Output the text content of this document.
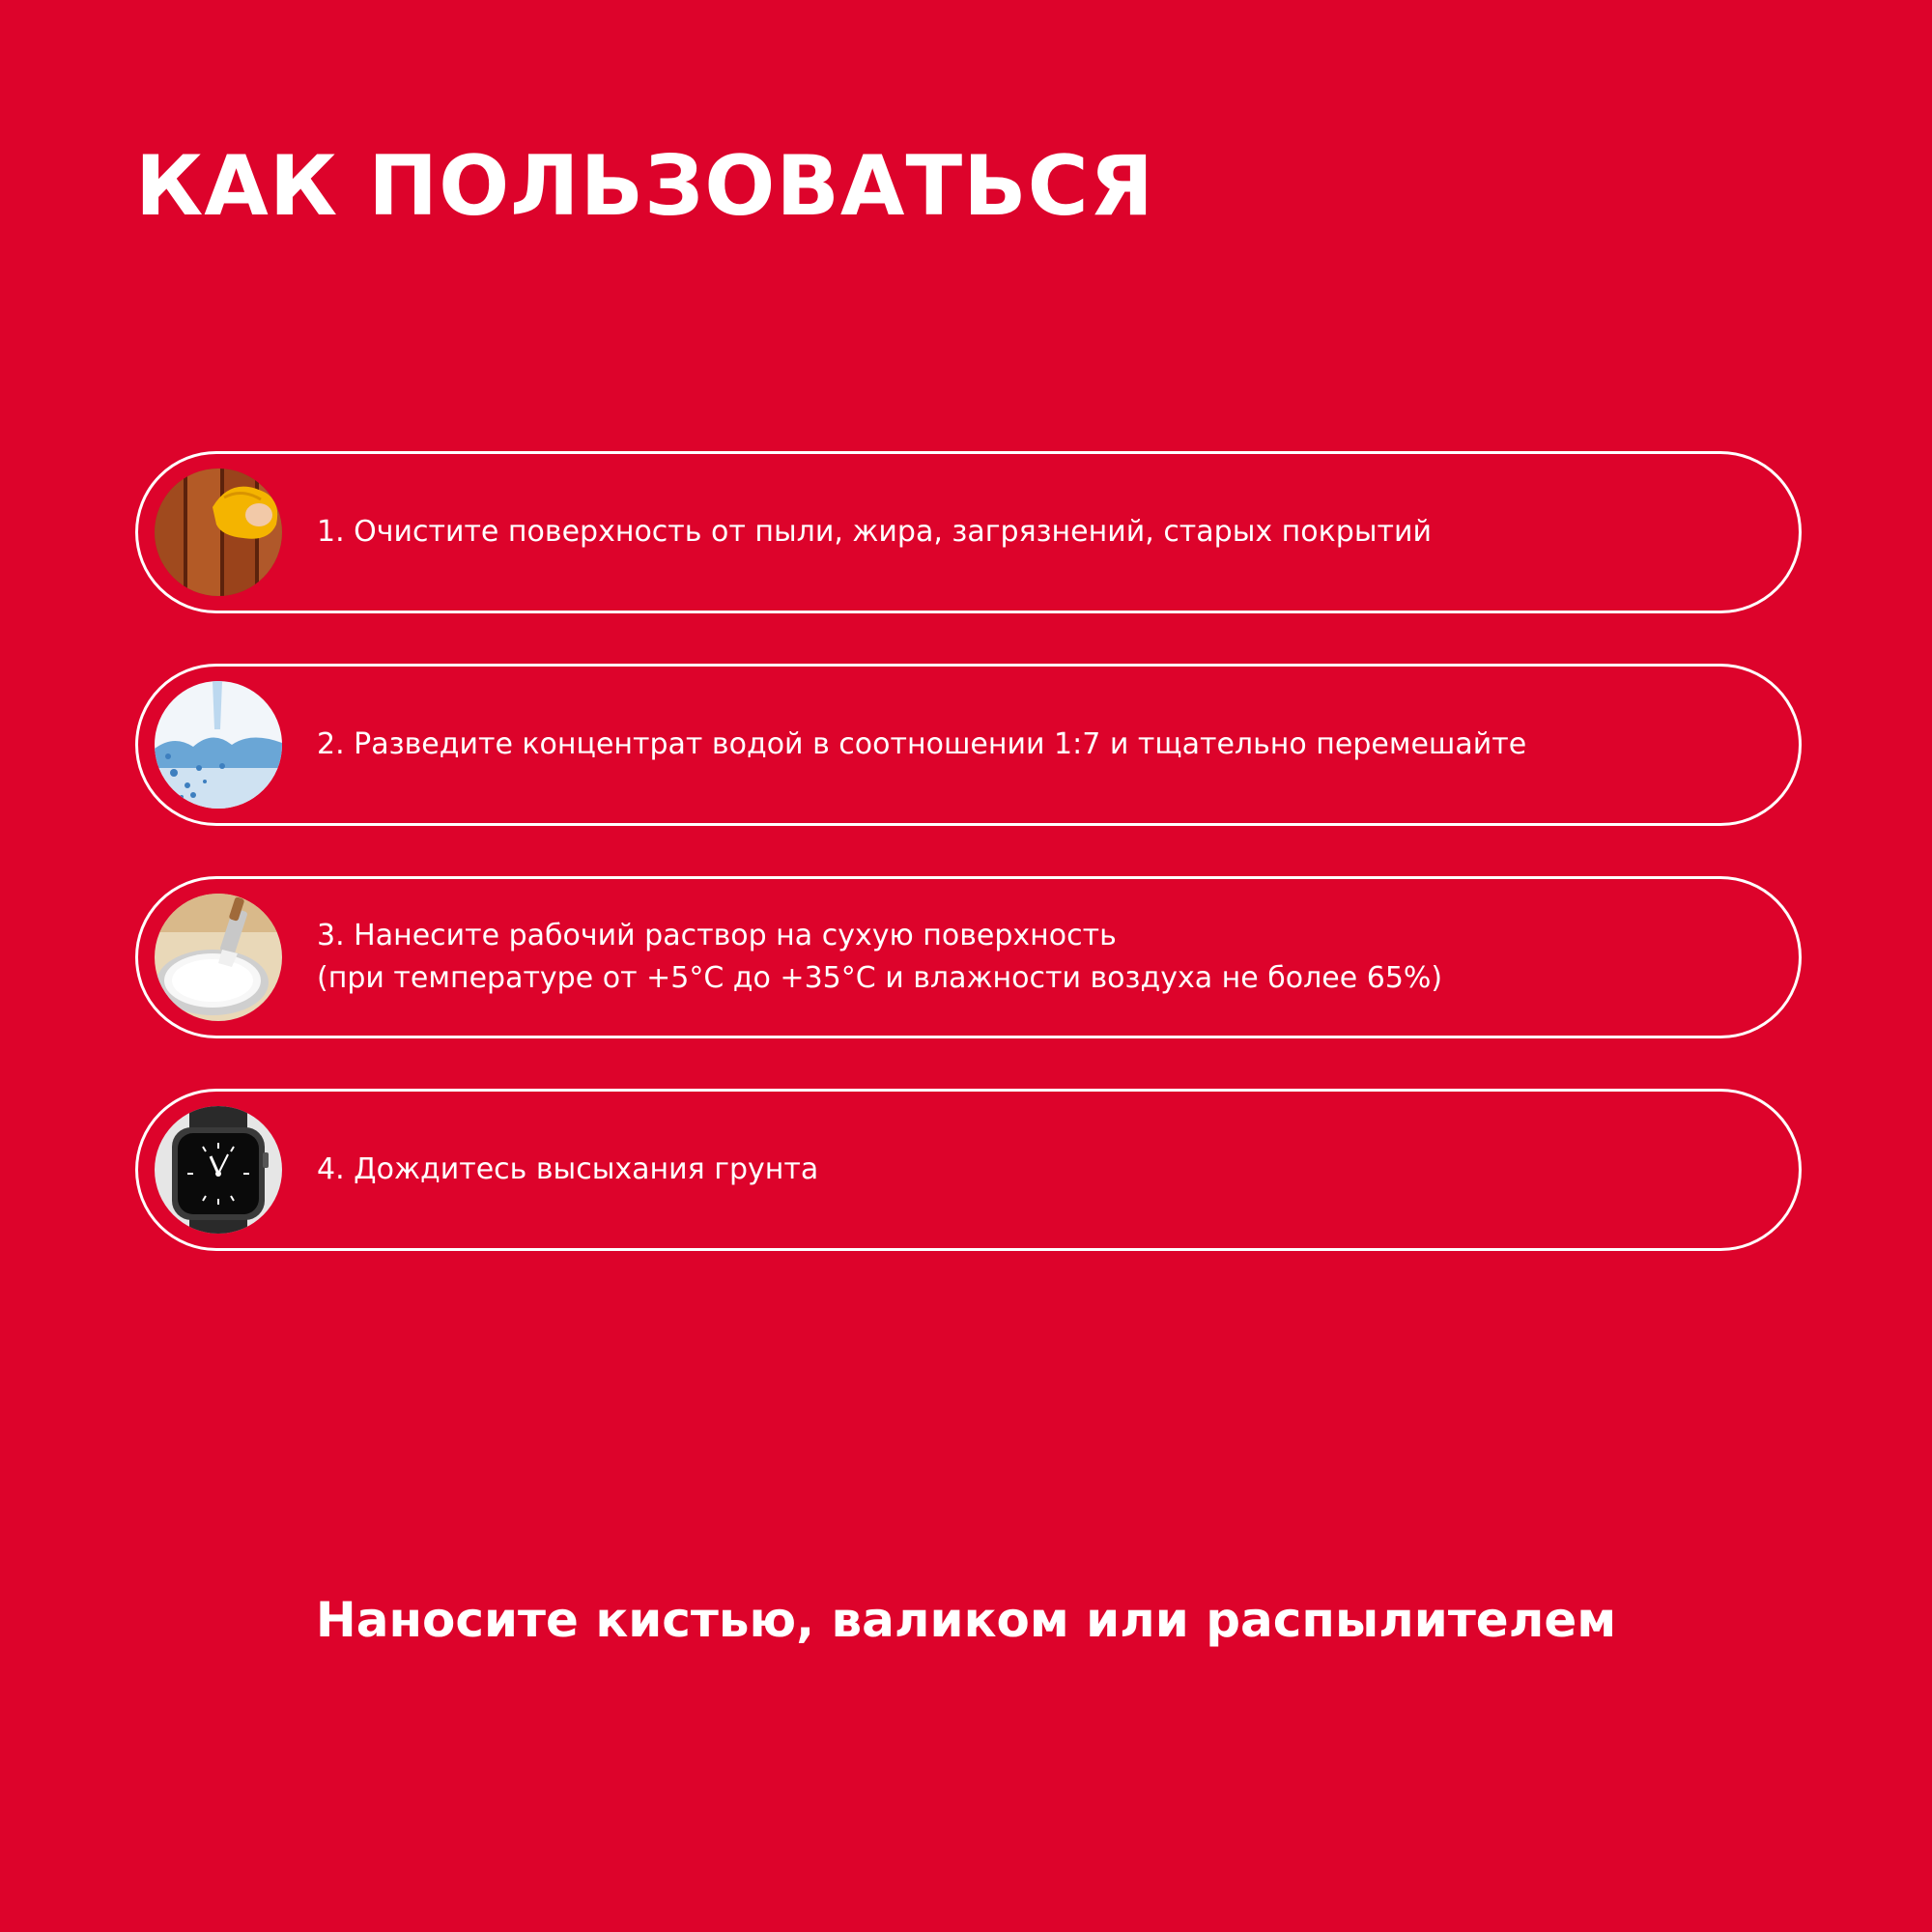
КАК ПОЛЬЗОВАТЬСЯ
1. Очистите поверхность от пыли, жира, загрязнений, старых покрытий
2. Разведите концентрат водой в соотношении 1:7 и тщательно перемешайте
3. Нанесите рабочий раствор на сухую поверхность
(при температуре от +5°С до +35°С и влажности воздуха не более 65%)
4. Дождитесь высыхания грунта
Наносите кистью, валиком или распылителем
